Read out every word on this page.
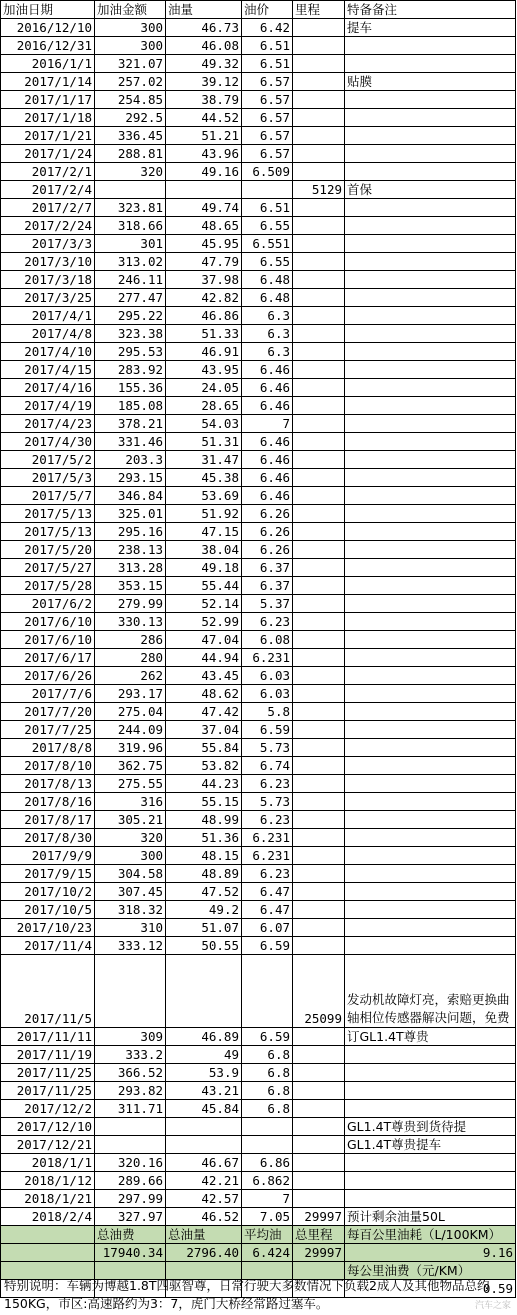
加油日期	加油金额	油量	油价	里程	特备备注
2016/12/10	300	46.73	6.42		提车
2016/12/31	300	46.08	6.51		
2016/1/1	321.07	49.32	6.51		
2017/1/14	257.02	39.12	6.57		贴膜
2017/1/17	254.85	38.79	6.57		
2017/1/18	292.5	44.52	6.57		
2017/1/21	336.45	51.21	6.57		
2017/1/24	288.81	43.96	6.57		
2017/2/1	320	49.16	6.509		
2017/2/4				5129	首保
2017/2/7	323.81	49.74	6.51		
2017/2/24	318.66	48.65	6.55		
2017/3/3	301	45.95	6.551		
2017/3/10	313.02	47.79	6.55		
2017/3/18	246.11	37.98	6.48		
2017/3/25	277.47	42.82	6.48		
2017/4/1	295.22	46.86	6.3		
2017/4/8	323.38	51.33	6.3		
2017/4/10	295.53	46.91	6.3		
2017/4/15	283.92	43.95	6.46		
2017/4/16	155.36	24.05	6.46		
2017/4/19	185.08	28.65	6.46		
2017/4/23	378.21	54.03	7		
2017/4/30	331.46	51.31	6.46		
2017/5/2	203.3	31.47	6.46		
2017/5/3	293.15	45.38	6.46		
2017/5/7	346.84	53.69	6.46		
2017/5/13	325.01	51.92	6.26		
2017/5/13	295.16	47.15	6.26		
2017/5/20	238.13	38.04	6.26		
2017/5/27	313.28	49.18	6.37		
2017/5/28	353.15	55.44	6.37		
2017/6/2	279.99	52.14	5.37		
2017/6/10	330.13	52.99	6.23		
2017/6/10	286	47.04	6.08		
2017/6/17	280	44.94	6.231		
2017/6/26	262	43.45	6.03		
2017/7/6	293.17	48.62	6.03		
2017/7/20	275.04	47.42	5.8		
2017/7/25	244.09	37.04	6.59		
2017/8/8	319.96	55.84	5.73		
2017/8/10	362.75	53.82	6.74		
2017/8/13	275.55	44.23	6.23		
2017/8/16	316	55.15	5.73		
2017/8/17	305.21	48.99	6.23		
2017/8/30	320	51.36	6.231		
2017/9/9	300	48.15	6.231		
2017/9/15	304.58	48.89	6.23		
2017/10/2	307.45	47.52	6.47		
2017/10/5	318.32	49.2	6.47		
2017/10/23	310	51.07	6.07		
2017/11/4	333.12	50.55	6.59		
2017/11/5				25099	发动机故障灯亮，索赔更换曲轴相位传感器解决问题，免费
2017/11/11	309	46.89	6.59		订GL1.4T尊贵
2017/11/19	333.2	49	6.8		
2017/11/25	366.52	53.9	6.8		
2017/11/25	293.82	43.21	6.8		
2017/12/2	311.71	45.84	6.8		
2017/12/10					GL1.4T尊贵到货待提
2017/12/21					GL1.4T尊贵提车
2018/1/1	320.16	46.67	6.86		
2018/1/12	289.66	42.21	6.862		
2018/1/21	297.99	42.57	7		
2018/2/4	327.97	46.52	7.05	29997	预计剩余油量50L
	总油费	总油量	平均油	总里程	每百公里油耗（L/100KM）
	17940.34	2796.40	6.424	29997	9.16
					每公里油费（元/KM）
					0.59
特别说明：车辆为博越1.8T四驱智尊，日常行驶大多数情况下负载2成人及其他物品总约150KG，市区:高速路约为3：7，虎门大桥经常路过塞车。	汽车之家
